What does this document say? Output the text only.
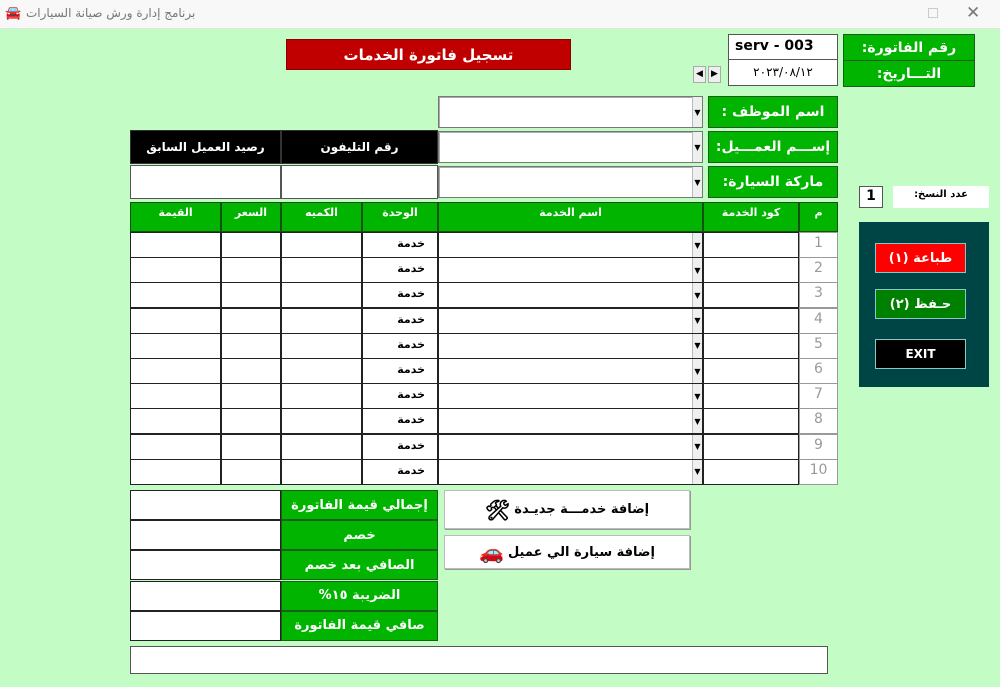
🚘 برنامج إدارة ورش صيانة السيارات	✕
تسجيل فاتورة الخدمات	رقم الفاتورة:
التـــاريخ:
serv - 003
٢٠٢٣/٠٨/١٢
◀ ▶
اسم الموظف :
إســـم العمـــيل:
ماركة السيارة:
▼
▼
▼
رقم التليفون
رصيد العميل السابق
م
كود الخدمة
اسم الخدمة
الوحدة
الكميه
السعر
القيمة
1
▼
خدمة
2
▼
خدمة
3
▼
خدمة
4
▼
خدمة
5
▼
خدمة
6
▼
خدمة
7
▼
خدمة
8
▼
خدمة
9
▼
خدمة
10
▼
خدمة
إجمالي قيمة الفاتورة
خصم
الصافي بعد خصم
الضريبة ١٥%
صافي قيمة الفاتورة
إضافة خدمـــة جديـدة
🛠
إضافة سيارة الي عميل
🚗
عدد النسخ:
1
طباعة (١)
حـفظ (٢)
EXIT
